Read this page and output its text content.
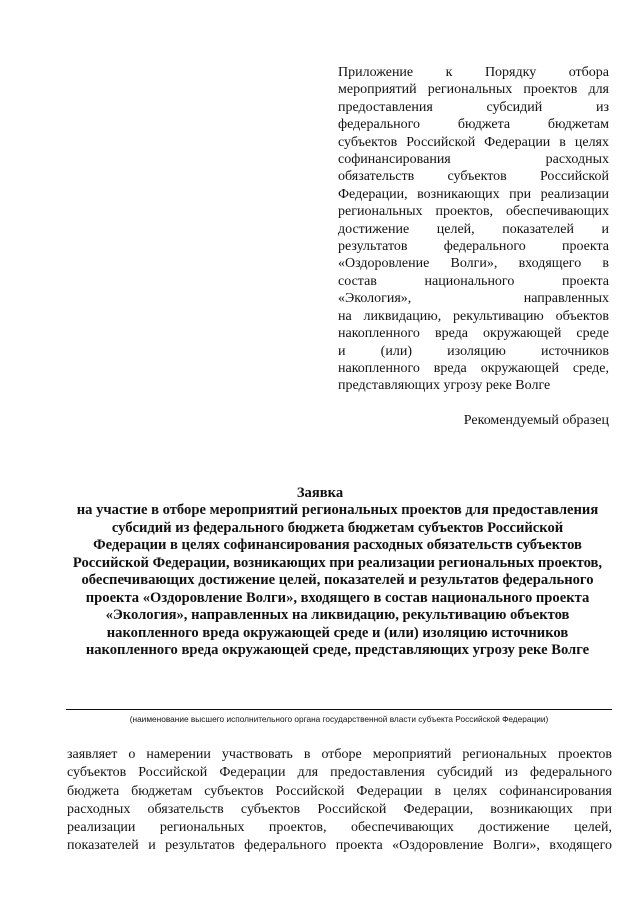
Приложение к Порядку отбора
мероприятий региональных проектов для
предоставления субсидий из
федерального бюджета бюджетам
субъектов Российской Федерации в целях
софинансирования расходных
обязательств субъектов Российской
Федерации, возникающих при реализации
региональных проектов, обеспечивающих
достижение целей, показателей и
результатов федерального проекта
«Оздоровление Волги», входящего в
состав национального проекта
«Экология», направленных
на ликвидацию, рекультивацию объектов
накопленного вреда окружающей среде
и (или) изоляцию источников
накопленного вреда окружающей среде,
представляющих угрозу реке Волге
Рекомендуемый образец
Заявка
на участие в отборе мероприятий региональных проектов для предоставления
субсидий из федерального бюджета бюджетам субъектов Российской
Федерации в целях софинансирования расходных обязательств субъектов
Российской Федерации, возникающих при реализации региональных проектов,
обеспечивающих достижение целей, показателей и результатов федерального
проекта «Оздоровление Волги», входящего в состав национального проекта
«Экология», направленных на ликвидацию, рекультивацию объектов
накопленного вреда окружающей среде и (или) изоляцию источников
накопленного вреда окружающей среде, представляющих угрозу реке Волге
(наименование высшего исполнительного органа государственной власти субъекта Российской Федерации)
заявляет о намерении участвовать в отборе мероприятий региональных проектов
субъектов Российской Федерации для предоставления субсидий из федерального
бюджета бюджетам субъектов Российской Федерации в целях софинансирования
расходных обязательств субъектов Российской Федерации, возникающих при
реализации региональных проектов, обеспечивающих достижение целей,
показателей и результатов федерального проекта «Оздоровление Волги», входящего
